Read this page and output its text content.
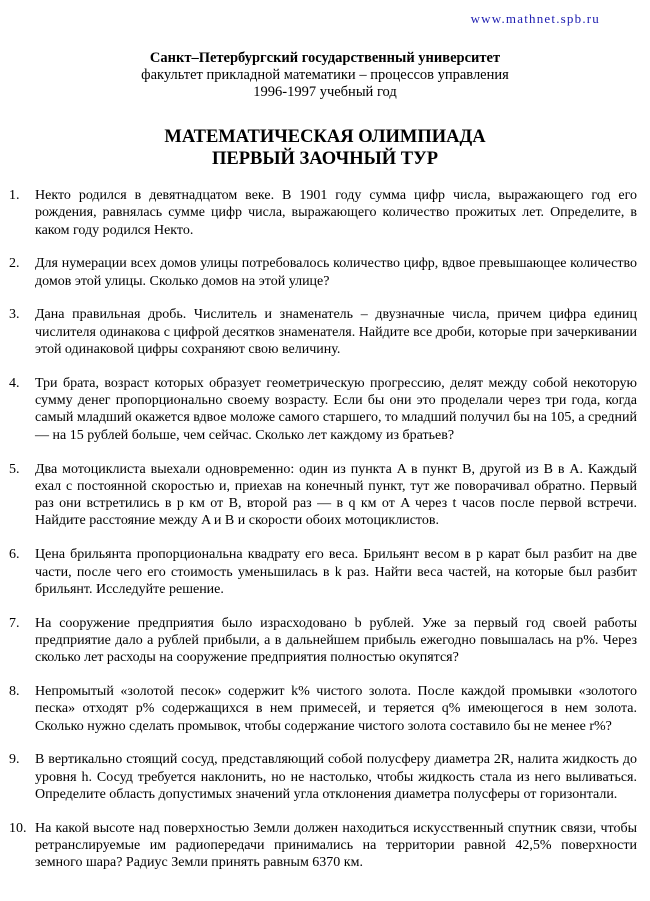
www.mathnet.spb.ru
Санкт–Петербургский государственный университет
факультет прикладной математики – процессов управления
1996-1997 учебный год
МАТЕМАТИЧЕСКАЯ ОЛИМПИАДА
ПЕРВЫЙ ЗАОЧНЫЙ ТУР
1.	Некто родился в девятнадцатом веке. В 1901 году сумма цифр числа, выражающего год его рождения, равнялась сумме цифр числа, выражающего количество прожитых лет. Определите, в каком году родился Некто.
2.	Для нумерации всех домов улицы потребовалось количество цифр, вдвое превышающее количество домов этой улицы. Сколько домов на этой улице?
3.	Дана правильная дробь. Числитель и знаменатель – двузначные числа, причем цифра единиц числителя одинакова с цифрой десятков знаменателя. Найдите все дроби, которые при зачеркивании этой одинаковой цифры сохраняют свою величину.
4.	Три брата, возраст которых образует геометрическую прогрессию, делят между собой некоторую сумму денег пропорционально своему возрасту. Если бы они это проделали через три года, когда самый младший окажется вдвое моложе самого старшего, то младший получил бы на 105, а средний — на 15 рублей больше, чем сейчас. Сколько лет каждому из братьев?
5.	Два мотоциклиста выехали одновременно: один из пункта A в пункт B, другой из B в A. Каждый ехал с постоянной скоростью и, приехав на конечный пункт, тут же поворачивал обратно. Первый раз они встретились в p км от B, второй раз — в q км от A через t часов после первой встречи. Найдите расстояние между A и B и скорости обоих мотоциклистов.
6.	Цена брильянта пропорциональна квадрату его веса. Брильянт весом в p карат был разбит на две части, после чего его стоимость уменьшилась в k раз. Найти веса частей, на которые был разбит брильянт. Исследуйте решение.
7.	На сооружение предприятия было израсходовано b рублей. Уже за первый год своей работы предприятие дало a рублей прибыли, а в дальнейшем прибыль ежегодно повышалась на p%. Через сколько лет расходы на сооружение предприятия полностью окупятся?
8.	Непромытый «золотой песок» содержит k% чистого золота. После каждой промывки «золотого песка» отходят p% содержащихся в нем примесей, и теряется q% имеющегося в нем золота. Сколько нужно сделать промывок, чтобы содержание чистого золота составило бы не менее r%?
9.	В вертикально стоящий сосуд, представляющий собой полусферу диаметра 2R, налита жидкость до уровня h. Сосуд требуется наклонить, но не настолько, чтобы жидкость стала из него выливаться. Определите область допустимых значений угла отклонения диаметра полусферы от горизонтали.
10. На какой высоте над поверхностью Земли должен находиться искусственный спутник связи, чтобы ретранслируемые им радиопередачи принимались на территории равной 42,5% поверхности земного шара? Радиус Земли принять равным 6370 км.
